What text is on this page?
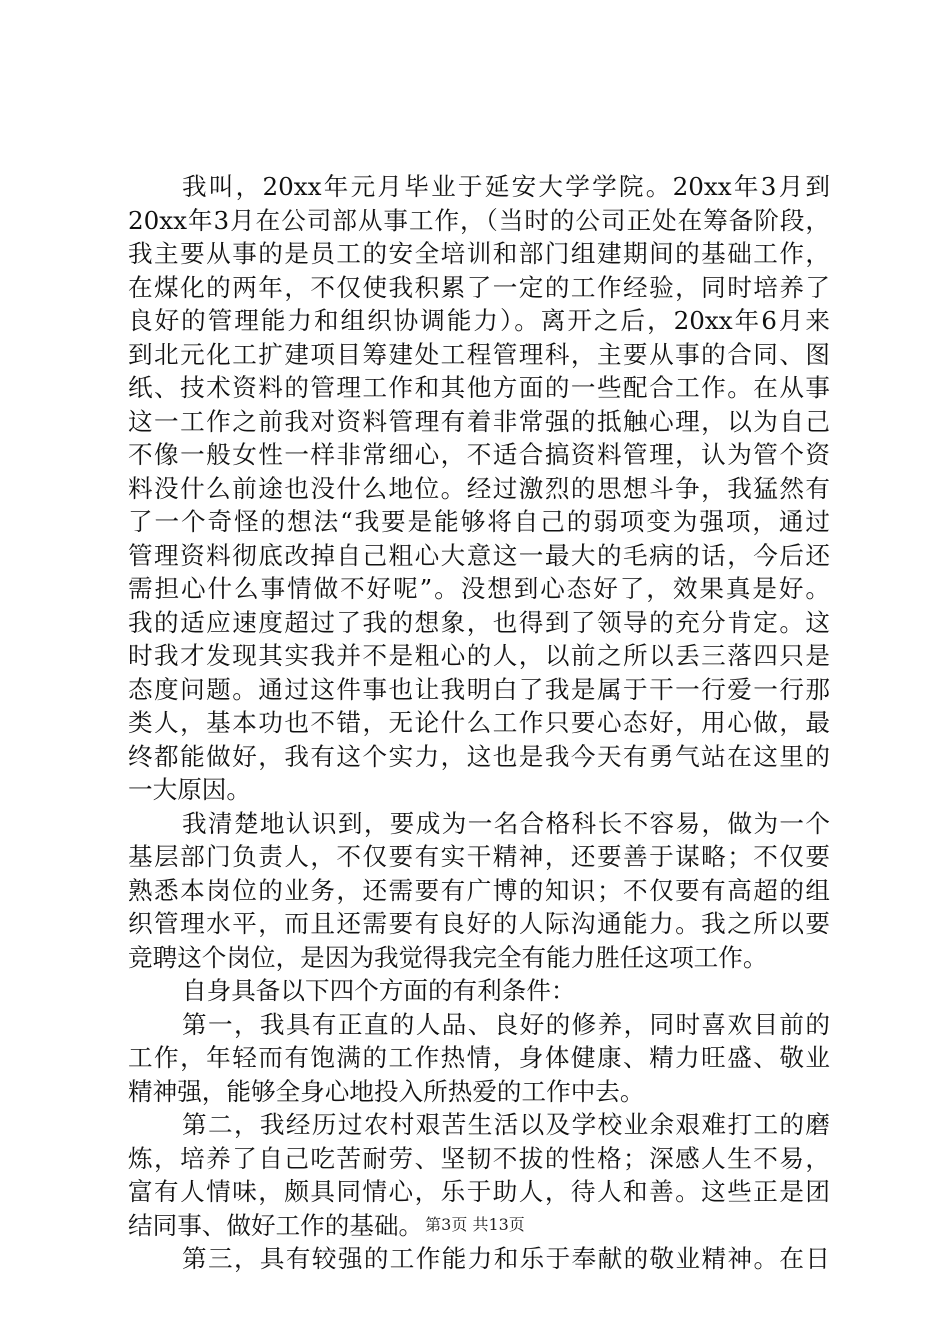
我叫，20xx年元月毕业于延安大学学院。20xx年3月到
20xx年3月在公司部从事工作，（当时的公司正处在筹备阶段，
我主要从事的是员工的安全培训和部门组建期间的基础工作，
在煤化的两年，不仅使我积累了一定的工作经验，同时培养了
良好的管理能力和组织协调能力）。离开之后，20xx年6月来
到北元化工扩建项目筹建处工程管理科，主要从事的合同、图
纸、技术资料的管理工作和其他方面的一些配合工作。在从事
这一工作之前我对资料管理有着非常强的抵触心理，以为自己
不像一般女性一样非常细心，不适合搞资料管理，认为管个资
料没什么前途也没什么地位。经过激烈的思想斗争，我猛然有
了一个奇怪的想法“我要是能够将自己的弱项变为强项，通过
管理资料彻底改掉自己粗心大意这一最大的毛病的话，今后还
需担心什么事情做不好呢”。没想到心态好了，效果真是好。
我的适应速度超过了我的想象，也得到了领导的充分肯定。这
时我才发现其实我并不是粗心的人，以前之所以丢三落四只是
态度问题。通过这件事也让我明白了我是属于干一行爱一行那
类人，基本功也不错，无论什么工作只要心态好，用心做，最
终都能做好，我有这个实力，这也是我今天有勇气站在这里的
一大原因。
我清楚地认识到，要成为一名合格科长不容易，做为一个
基层部门负责人，不仅要有实干精神，还要善于谋略；不仅要
熟悉本岗位的业务，还需要有广博的知识；不仅要有高超的组
织管理水平，而且还需要有良好的人际沟通能力。我之所以要
竞聘这个岗位，是因为我觉得我完全有能力胜任这项工作。
自身具备以下四个方面的有利条件：
第一，我具有正直的人品、良好的修养，同时喜欢目前的
工作，年轻而有饱满的工作热情，身体健康、精力旺盛、敬业
精神强，能够全身心地投入所热爱的工作中去。
第二，我经历过农村艰苦生活以及学校业余艰难打工的磨
炼，培养了自己吃苦耐劳、坚韧不拔的性格；深感人生不易，
富有人情味，颇具同情心，乐于助人，待人和善。这些正是团
结同事、做好工作的基础。
第三，具有较强的工作能力和乐于奉献的敬业精神。在日
第3页 共13页
